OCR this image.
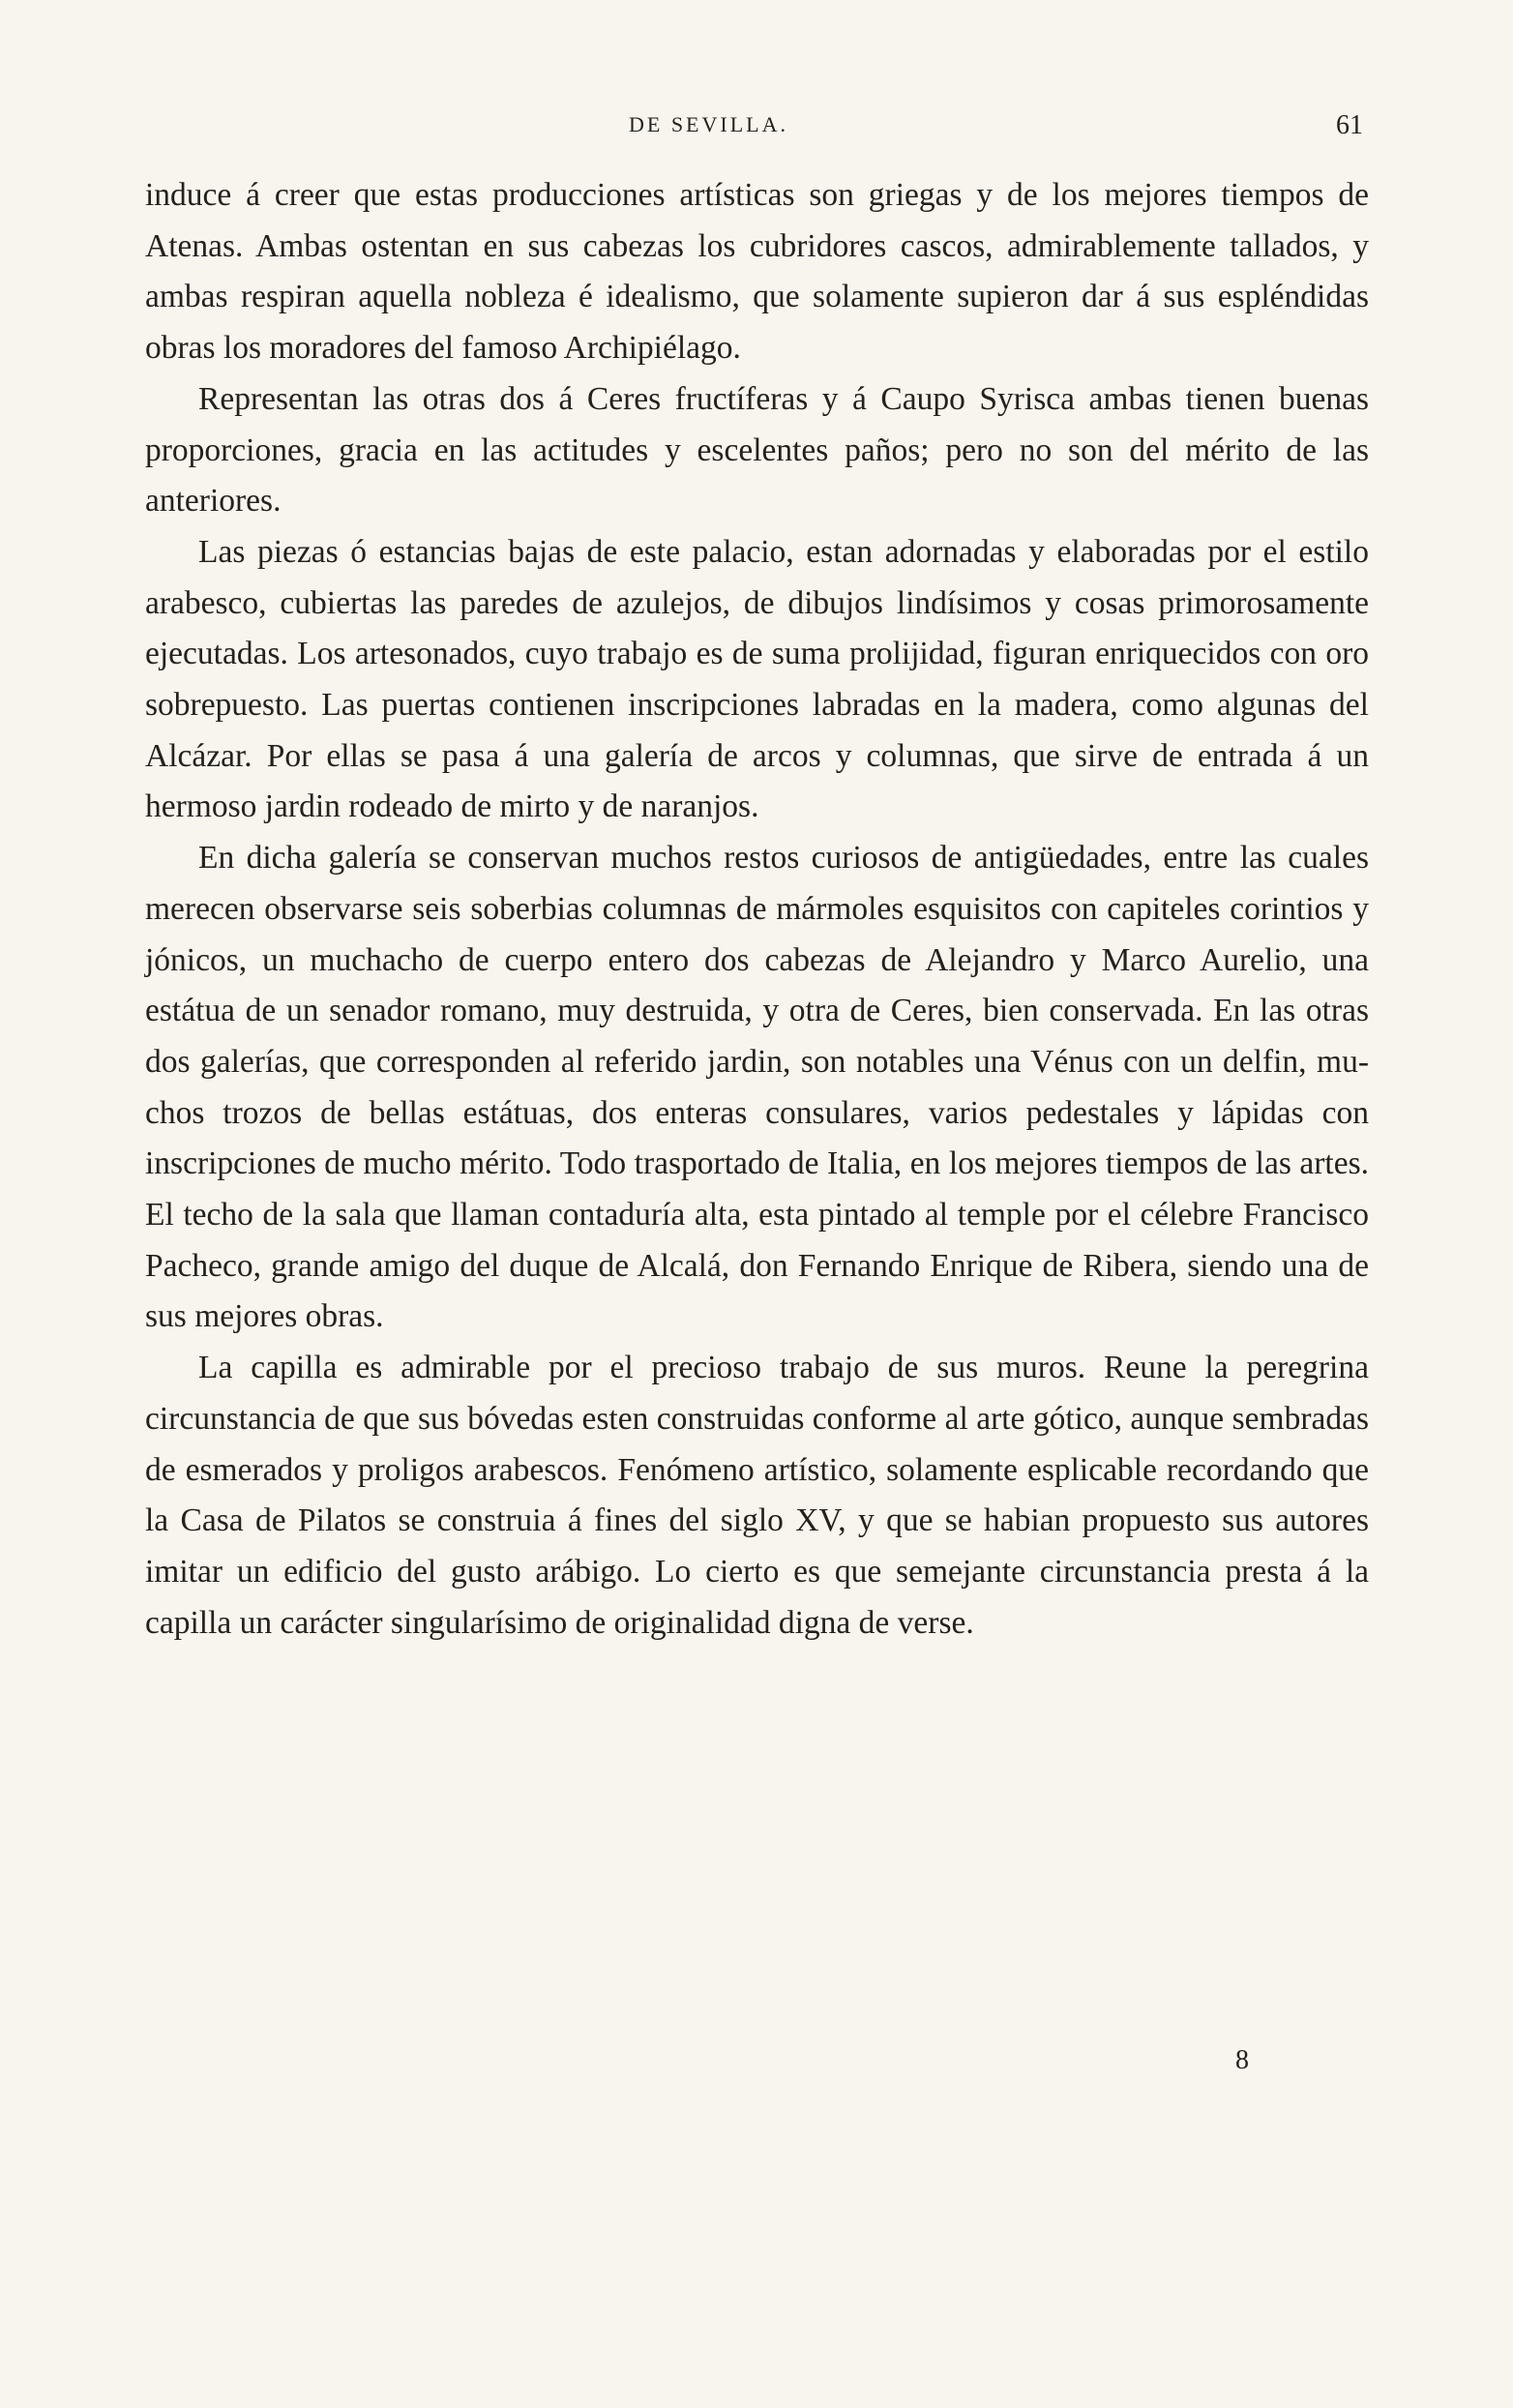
DE SEVILLA.	61

induce á creer que estas producciones artísticas son griegas y de los mejores tiempos de Atenas. Ambas ostentan en sus cabezas los cubridores cascos, admirablemente tallados, y ambas respiran aquella nobleza é idealismo, que solamente supieron dar á sus espléndidas obras los moradores del famoso Archipiélago.

Representan las otras dos á Ceres fructíferas y á Caupo Syrisca ambas tienen buenas proporciones, gracia en las actitudes y escelentes paños; pero no son del mérito de las anteriores.

Las piezas ó estancias bajas de este palacio, estan adornadas y elaboradas por el estilo arabesco, cubiertas las paredes de azulejos, de dibujos lindísimos y cosas primorosamente ejecutadas. Los artesonados, cuyo trabajo es de suma prolijidad, figuran enriquecidos con oro sobrepuesto. Las puertas contienen inscripciones labradas en la madera, como algunas del Alcázar. Por ellas se pasa á una galería de arcos y columnas, que sirve de entrada á un hermoso jardin rodeado de mirto y de naranjos.

En dicha galería se conservan muchos restos curiosos de antigüedades, entre las cuales merecen observarse seis soberbias columnas de mármoles esquisitos con capiteles corintios y jónicos, un muchacho de cuerpo entero dos cabezas de Alejandro y Marco Aurelio, una estátua de un senador romano, muy destruida, y otra de Ceres, bien conservada. En las otras dos galerías, que corresponden al referido jardin, son notables una Vénus con un delfin, muchos trozos de bellas estátuas, dos enteras consulares, varios pedestales y lápidas con inscripciones de mucho mérito. Todo trasportado de Italia, en los mejores tiempos de las artes. El techo de la sala que llaman contaduría alta, esta pintado al temple por el célebre Francisco Pacheco, grande amigo del duque de Alcalá, don Fernando Enrique de Ribera, siendo una de sus mejores obras.

La capilla es admirable por el precioso trabajo de sus muros. Reune la peregrina circunstancia de que sus bóvedas esten construidas conforme al arte gótico, aunque sembradas de esmerados y proligos arabescos. Fenómeno artístico, solamente esplicable recordando que la Casa de Pilatos se construia á fines del siglo XV, y que se habian propuesto sus autores imitar un edificio del gusto arábigo. Lo cierto es que semejante circunstancia presta á la capilla un carácter singularísimo de originalidad digna de verse.

8
